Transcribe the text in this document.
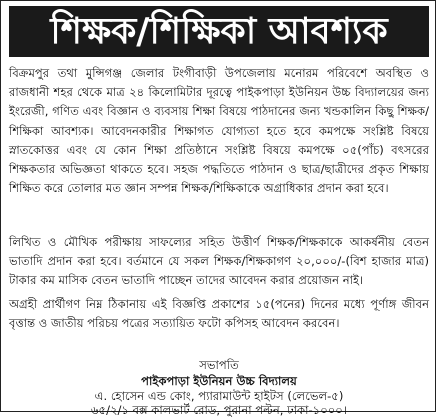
শিক্ষক/শিক্ষিকা আবশ্যক
বিক্রমপুর তথা মুন্সিগঞ্জ জেলার টংগীবাড়ী উপজেলায় মনোরম পরিবেশে অবস্থিত ও রাজধানী শহর থেকে মাত্র ২৪ কিলোমিটার দূরত্বে পাইকপাড়া ইউনিয়ন উচ্চ বিদ্যালয়ের জন্য ইংরেজী, গণিত এবং বিজ্ঞান ও ব্যবসায় শিক্ষা বিষয়ে পাঠদানের জন্য খন্ডকালিন কিছু শিক্ষক/শিক্ষিকা আবশ্যক। আবেদনকারীর শিক্ষাগত যোগ্যতা হতে হবে কমপক্ষে সংশ্লিষ্ট বিষয়ে স্নাতকোত্তর এবং যে কোন শিক্ষা প্রতিষ্ঠানে সংশ্লিষ্ট বিষয়ে কমপক্ষে ০৫(পাঁচ) বৎসরের শিক্ষকতার অভিজ্ঞতা থাকতে হবে। সহজ পদ্ধতিতে পাঠদান ও ছাত্র/ছাত্রীদের প্রকৃত শিক্ষায় শিক্ষিত করে তোলার মত জ্ঞান সম্পন্ন শিক্ষক/শিক্ষিকাকে অগ্রাধিকার প্রদান করা হবে।
লিখিত ও মৌখিক পরীক্ষায় সাফল্যের সহিত উত্তীর্ণ শিক্ষক/শিক্ষকাকে আকর্ষনীয় বেতন ভাতাদি প্রদান করা হবে। বর্তমানে যে সকল শিক্ষক/শিক্ষকাগণ ২০,০০০/-(বিশ হাজার মাত্র) টাকার কম মাসিক বেতন ভাতাদি পাচ্ছেন তাদের আবেদন করার প্রয়োজন নাই।
অগ্রহী প্রার্থীগণ নিম্ন ঠিকানায় এই বিজ্ঞপ্তি প্রকাশের ১৫(পনের) দিনের মধ্যে পূর্ণাঙ্গ জীবন বৃত্তান্ত ও জাতীয় পরিচয় পত্রের সত্যায়িত ফটো কপিসহ আবেদন করবেন।
সভাপতি
পাইকপাড়া ইউনিয়ন উচ্চ বিদ্যালয়
এ. হোসেন এন্ড কোং, প্যারামাউন্ট হাইটস (লেভেল-৫)
৬৫/২/১ বক্স কালভার্ট রোড, পুরানা পল্টন, ঢাকা-১০০০।
